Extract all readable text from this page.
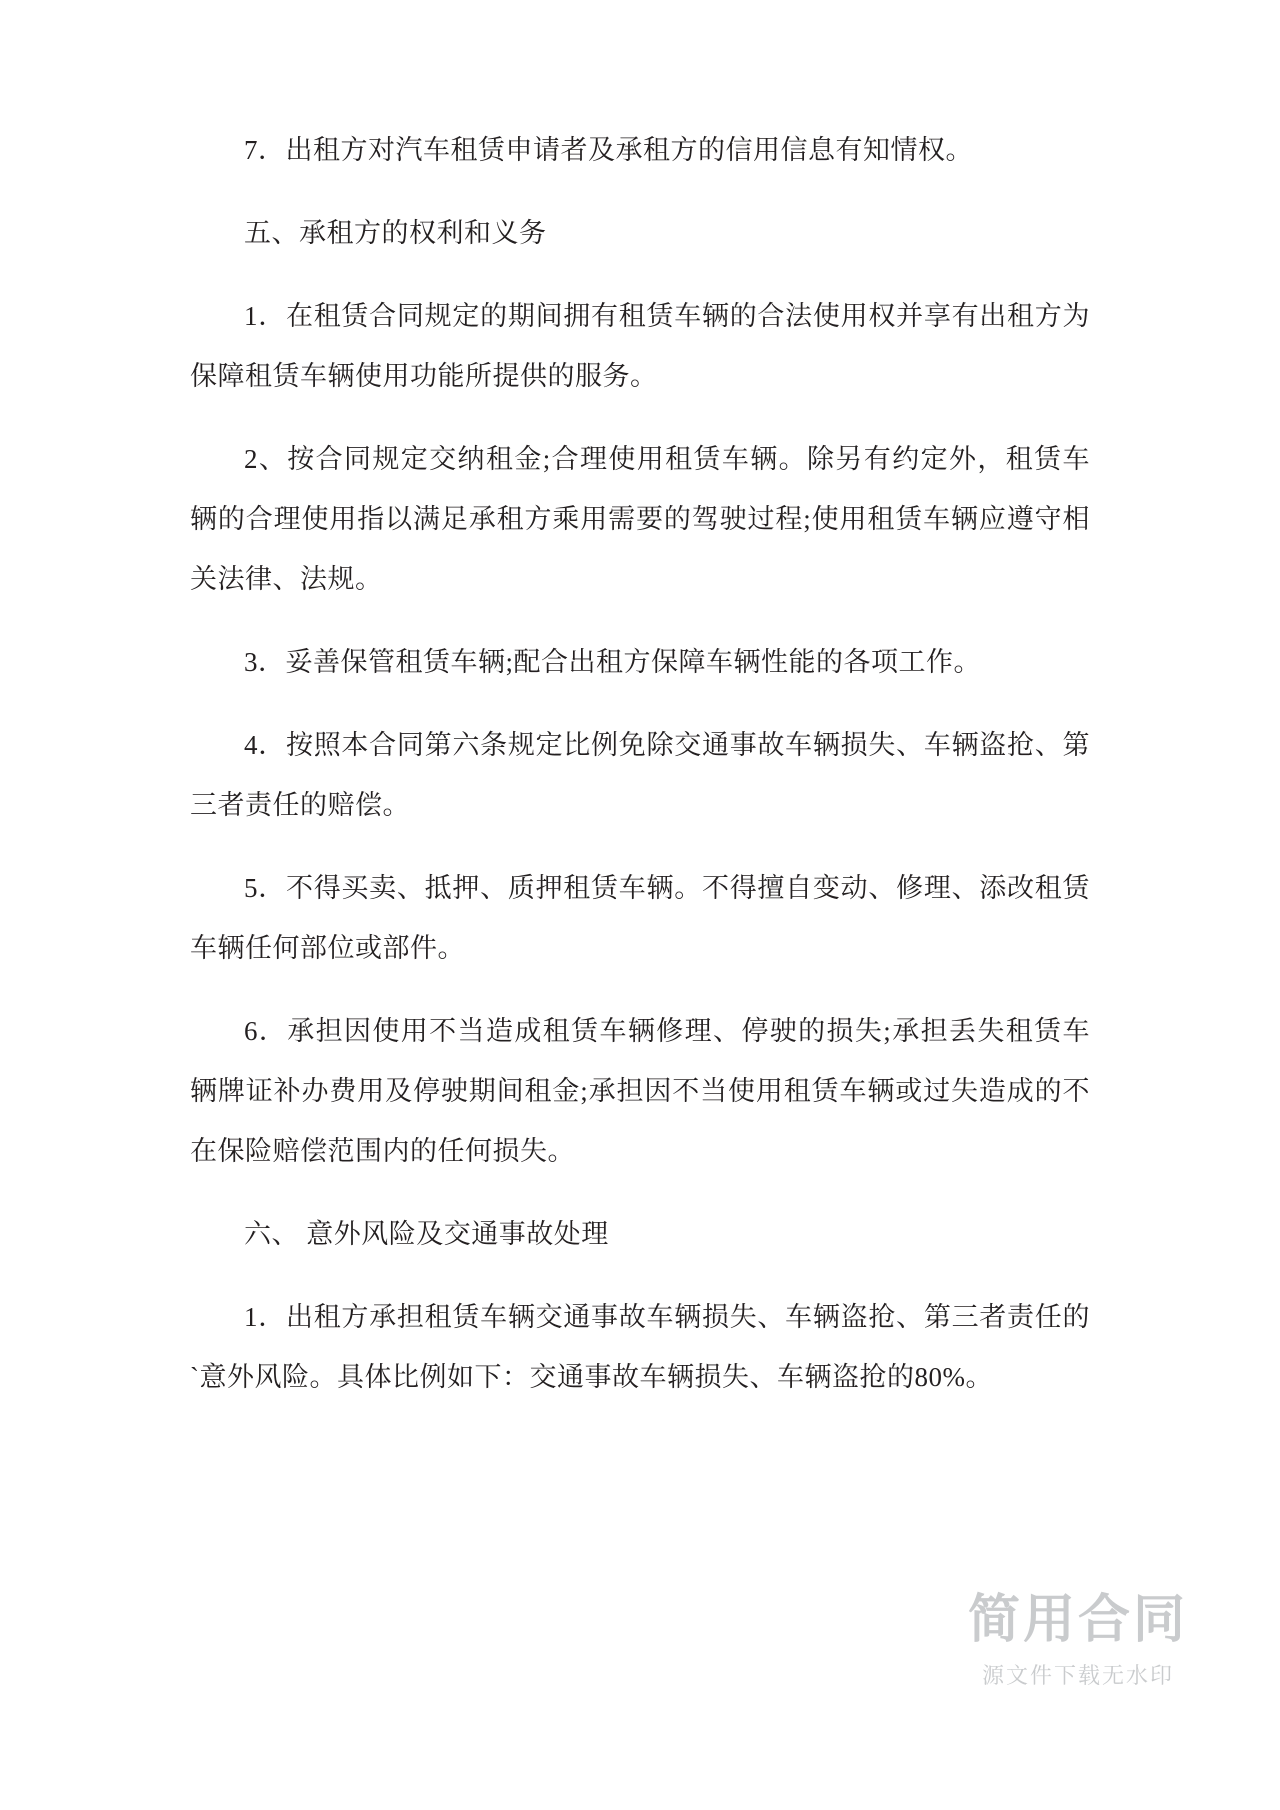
7．出租方对汽车租赁申请者及承租方的信用信息有知情权。

五、承租方的权利和义务

1．在租赁合同规定的期间拥有租赁车辆的合法使用权并享有出租方为保障租赁车辆使用功能所提供的服务。

2、按合同规定交纳租金;合理使用租赁车辆。除另有约定外，租赁车辆的合理使用指以满足承租方乘用需要的驾驶过程;使用租赁车辆应遵守相关法律、法规。

3．妥善保管租赁车辆;配合出租方保障车辆性能的各项工作。

4．按照本合同第六条规定比例免除交通事故车辆损失、车辆盗抢、第三者责任的赔偿。

5．不得买卖、抵押、质押租赁车辆。不得擅自变动、修理、添改租赁车辆任何部位或部件。

6．承担因使用不当造成租赁车辆修理、停驶的损失;承担丢失租赁车辆牌证补办费用及停驶期间租金;承担因不当使用租赁车辆或过失造成的不在保险赔偿范围内的任何损失。

六、 意外风险及交通事故处理

1．出租方承担租赁车辆交通事故车辆损失、车辆盗抢、第三者责任的`意外风险。具体比例如下：交通事故车辆损失、车辆盗抢的80%。

简用合同
源文件下载无水印
